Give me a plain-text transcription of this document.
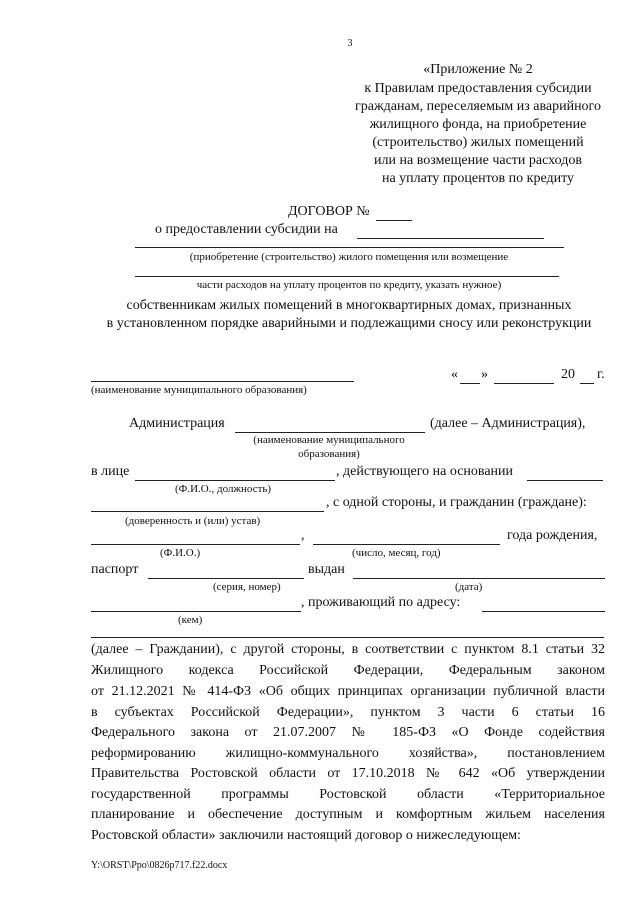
3
«Приложение № 2
к Правилам предоставления субсидии
гражданам, переселяемым из аварийного
жилищного фонда, на приобретение
(строительство) жилых помещений
или на возмещение части расходов
на уплату процентов по кредиту
ДОГОВОР №
о предоставлении субсидии на
(приобретение (строительство) жилого помещения или возмещение
части расходов на уплату процентов по кредиту, указать нужное)
собственникам жилых помещений в многоквартирных домах, признанных
в установленном порядке аварийными и подлежащими сносу или реконструкции
(наименование муниципального образования)
« »	20 г.
Администрация	(далее – Администрация),
(наименование муниципального
образования)
в лице	, действующего на основании
(Ф.И.О., должность)
, с одной стороны, и гражданин (граждане):
(доверенность и (или) устав)
,	года рождения,
(Ф.И.О.)	(число, месяц, год)
паспорт	выдан
(серия, номер)	(дата)
, проживающий по адресу:
(кем)
(далее – Граждании), с другой стороны, в соответствии с пунктом 8.1 статьи 32
Жилищного кодекса Российской Федерации, Федеральным законом
от 21.12.2021 № 414-ФЗ «Об общих принципах организации публичной власти
в субъектах Российской Федерации», пунктом 3 части 6 статьи 16
Федерального закона от 21.07.2007 № 185-ФЗ «О Фонде содействия
реформированию жилищно-коммунального хозяйства», постановлением
Правительства Ростовской области от 17.10.2018 № 642 «Об утверждении
государственной программы Ростовской области «Территориальное
планирование и обеспечение доступным и комфортным жильем населения
Ростовской области» заключили настоящий договор о нижеследующем:
Y:\ORST\Ppo\0826p717.f22.docx
